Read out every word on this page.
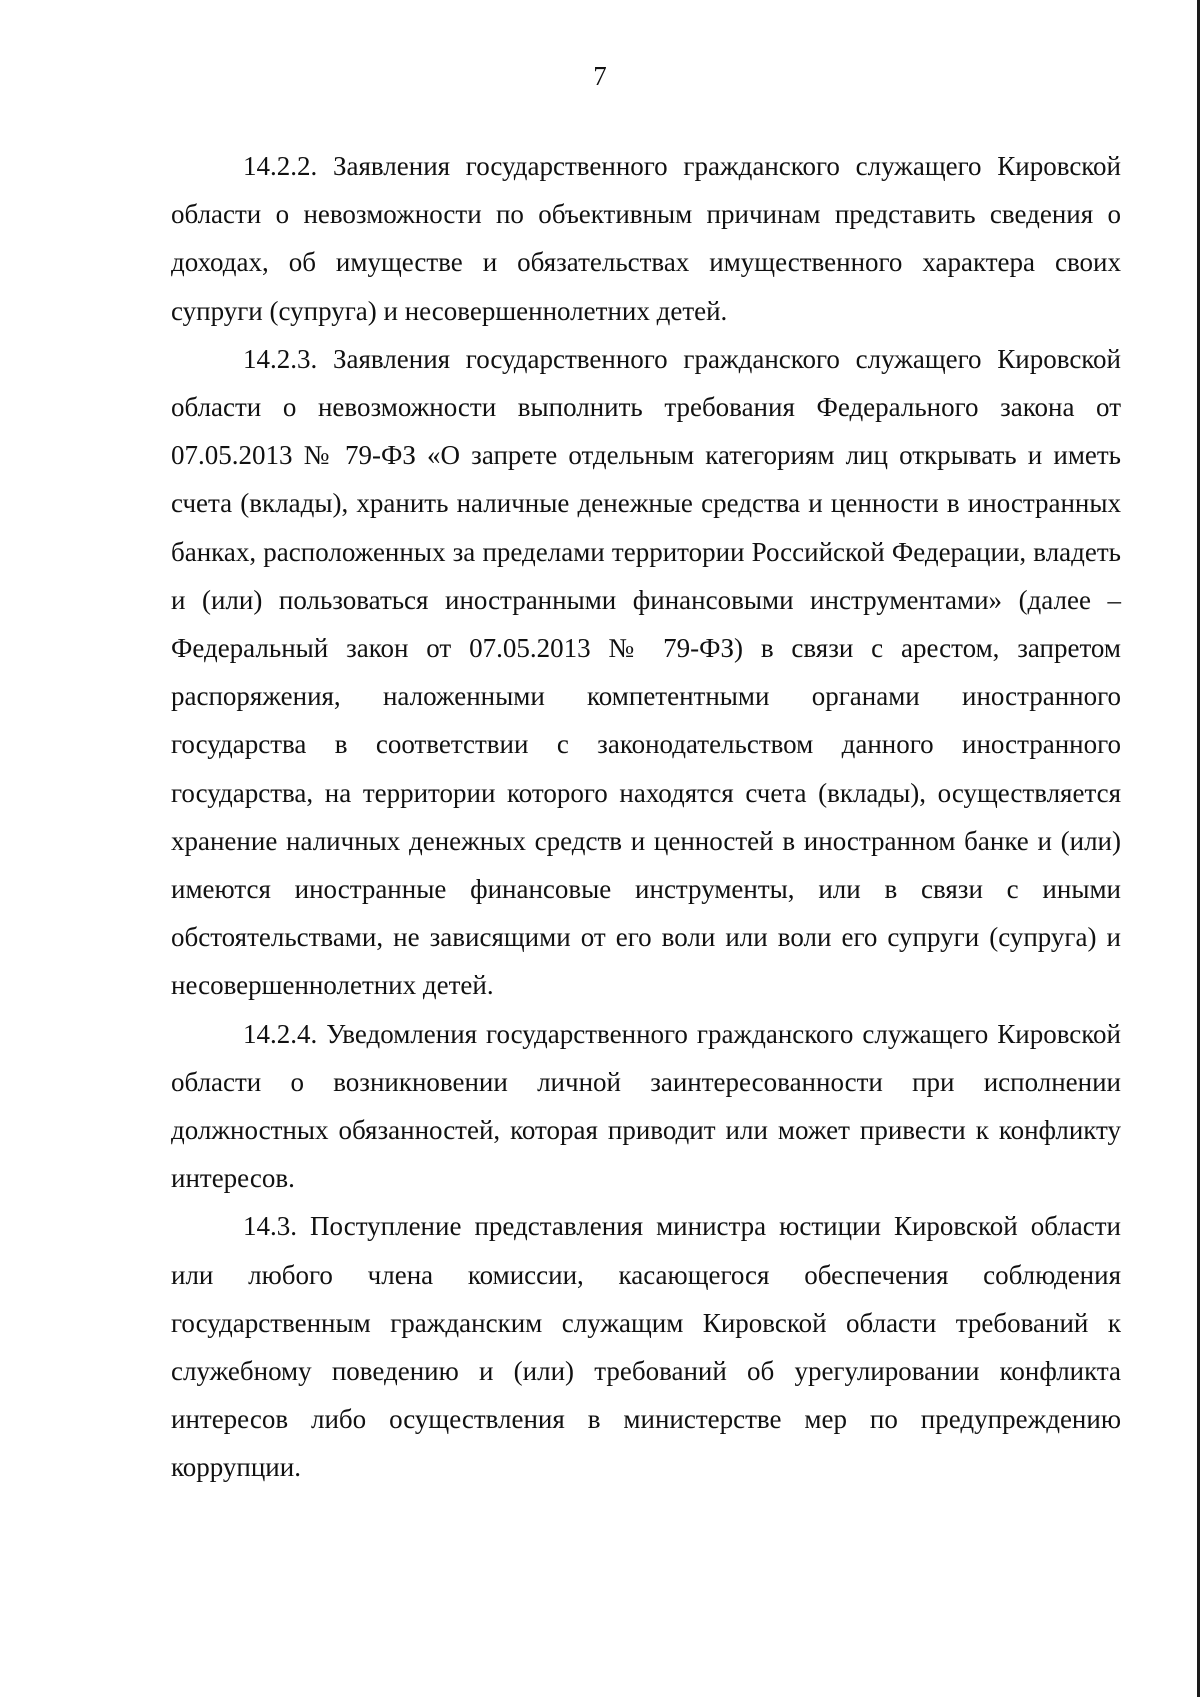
7

14.2.2. Заявления государственного гражданского служащего Кировской области о невозможности по объективным причинам представить сведения о доходах, об имуществе и обязательствах имущественного характера своих супруги (супруга) и несовершеннолетних детей.

14.2.3. Заявления государственного гражданского служащего Кировской области о невозможности выполнить требования Федерального закона от 07.05.2013 № 79-ФЗ «О запрете отдельным категориям лиц открывать и иметь счета (вклады), хранить наличные денежные средства и ценности в иностранных банках, расположенных за пределами территории Российской Федерации, владеть и (или) пользоваться иностранными финансовыми инструментами» (далее – Федеральный закон от 07.05.2013 № 79-ФЗ) в связи с арестом, запретом распоряжения, наложенными компетентными органами иностранного государства в соответствии с законодательством данного иностранного государства, на территории которого находятся счета (вклады), осуществляется хранение наличных денежных средств и ценностей в иностранном банке и (или) имеются иностранные финансовые инструменты, или в связи с иными обстоятельствами, не зависящими от его воли или воли его супруги (супруга) и несовершеннолетних детей.

14.2.4. Уведомления государственного гражданского служащего Кировской области о возникновении личной заинтересованности при исполнении должностных обязанностей, которая приводит или может привести к конфликту интересов.

14.3. Поступление представления министра юстиции Кировской области или любого члена комиссии, касающегося обеспечения соблюдения государственным гражданским служащим Кировской области требований к служебному поведению и (или) требований об урегулировании конфликта интересов либо осуществления в министерстве мер по предупреждению коррупции.
